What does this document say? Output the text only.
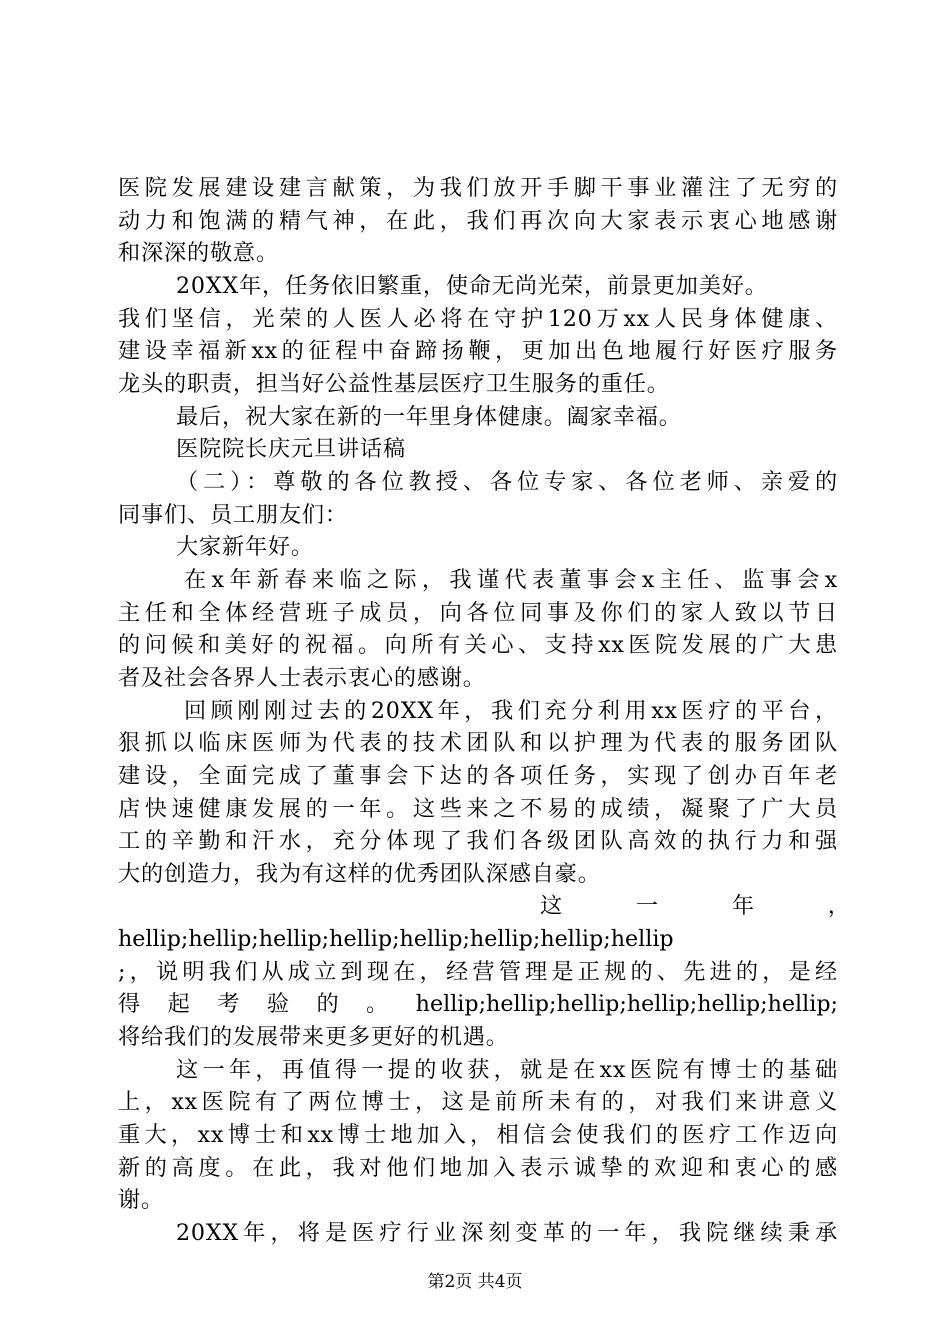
医院发展建设建言献策，为我们放开手脚干事业灌注了无穷的
动力和饱满的精气神，在此，我们再次向大家表示衷心地感谢
和深深的敬意。
20XX年，任务依旧繁重，使命无尚光荣，前景更加美好。
我们坚信，光荣的人医人必将在守护120万xx人民身体健康、
建设幸福新xx的征程中奋蹄扬鞭，更加出色地履行好医疗服务
龙头的职责，担当好公益性基层医疗卫生服务的重任。
最后，祝大家在新的一年里身体健康。阖家幸福。
医院院长庆元旦讲话稿
（二）：尊敬的各位教授、各位专家、各位老师、亲爱的
同事们、员工朋友们：
大家新年好。
在x年新春来临之际，我谨代表董事会x主任、监事会x
主任和全体经营班子成员，向各位同事及你们的家人致以节日
的问候和美好的祝福。向所有关心、支持xx医院发展的广大患
者及社会各界人士表示衷心的感谢。
回顾刚刚过去的20XX年，我们充分利用xx医疗的平台，
狠抓以临床医师为代表的技术团队和以护理为代表的服务团队
建设，全面完成了董事会下达的各项任务，实现了创办百年老
店快速健康发展的一年。这些来之不易的成绩，凝聚了广大员
工的辛勤和汗水，充分体现了我们各级团队高效的执行力和强
大的创造力，我为有这样的优秀团队深感自豪。
这一年，
hellip;hellip;hellip;hellip;hellip;hellip;hellip;hellip
;，说明我们从成立到现在，经营管理是正规的、先进的，是经
得起考验的。hellip;hellip;hellip;hellip;hellip;hellip;
将给我们的发展带来更多更好的机遇。
这一年，再值得一提的收获，就是在xx医院有博士的基础
上，xx医院有了两位博士，这是前所未有的，对我们来讲意义
重大，xx博士和xx博士地加入，相信会使我们的医疗工作迈向
新的高度。在此，我对他们地加入表示诚挚的欢迎和衷心的感
谢。
20XX年，将是医疗行业深刻变革的一年，我院继续秉承
第2页 共4页
